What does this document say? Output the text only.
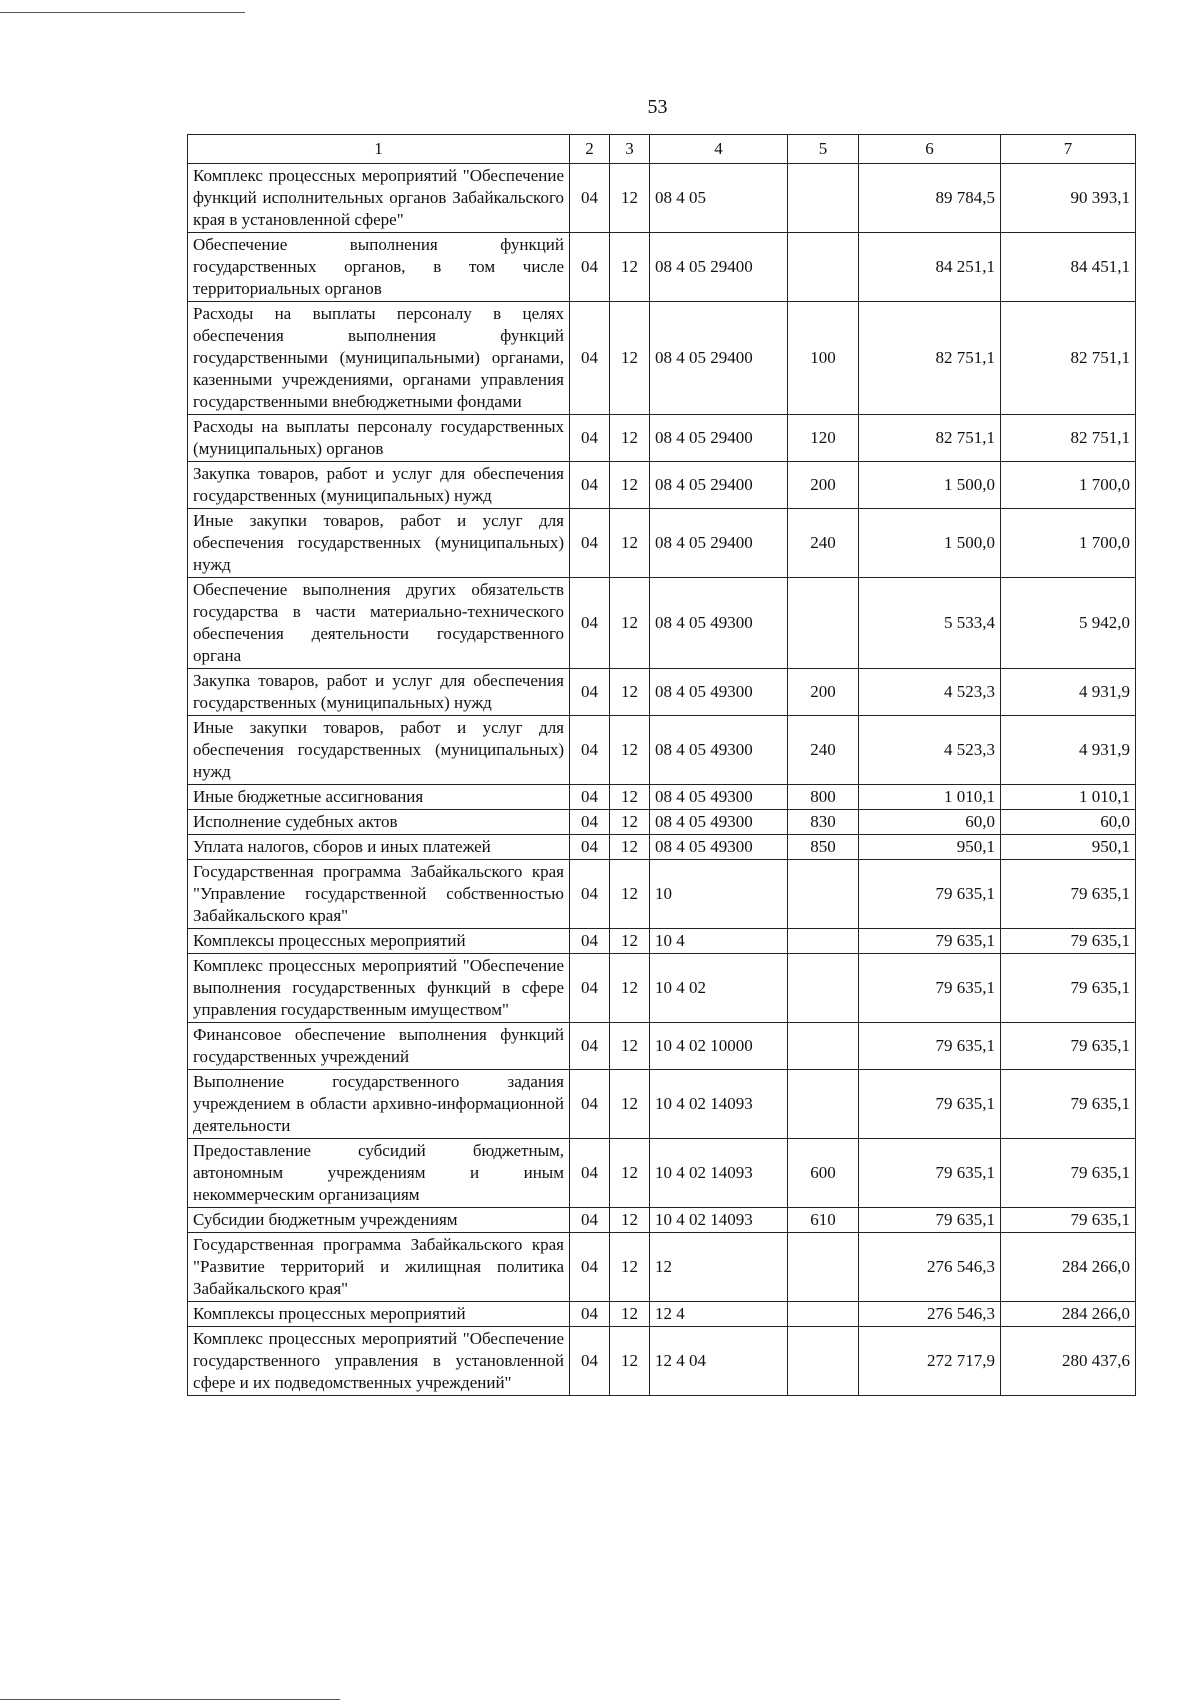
53
1	2	3	4	5	6	7
Комплекс процессных мероприятий "Обеспечение функций исполнительных органов Забайкальского края в установленной сфере"	04	12	08 4 05		89 784,5	90 393,1
Обеспечение выполнения функций государственных органов, в том числе территориальных органов	04	12	08 4 05 29400		84 251,1	84 451,1
Расходы на выплаты персоналу в целях обеспечения выполнения функций государственными (муниципальными) органами, казенными учреждениями, органами управления государственными внебюджетными фондами	04	12	08 4 05 29400	100	82 751,1	82 751,1
Расходы на выплаты персоналу государственных (муниципальных) органов	04	12	08 4 05 29400	120	82 751,1	82 751,1
Закупка товаров, работ и услуг для обеспечения государственных (муниципальных) нужд	04	12	08 4 05 29400	200	1 500,0	1 700,0
Иные закупки товаров, работ и услуг для обеспечения государственных (муниципальных) нужд	04	12	08 4 05 29400	240	1 500,0	1 700,0
Обеспечение выполнения других обязательств государства в части материально-технического обеспечения деятельности государственного органа	04	12	08 4 05 49300		5 533,4	5 942,0
Закупка товаров, работ и услуг для обеспечения государственных (муниципальных) нужд	04	12	08 4 05 49300	200	4 523,3	4 931,9
Иные закупки товаров, работ и услуг для обеспечения государственных (муниципальных) нужд	04	12	08 4 05 49300	240	4 523,3	4 931,9
Иные бюджетные ассигнования	04	12	08 4 05 49300	800	1 010,1	1 010,1
Исполнение судебных актов	04	12	08 4 05 49300	830	60,0	60,0
Уплата налогов, сборов и иных платежей	04	12	08 4 05 49300	850	950,1	950,1
Государственная программа Забайкальского края "Управление государственной собственностью Забайкальского края"	04	12	10		79 635,1	79 635,1
Комплексы процессных мероприятий	04	12	10 4		79 635,1	79 635,1
Комплекс процессных мероприятий "Обеспечение выполнения государственных функций в сфере управления государственным имуществом"	04	12	10 4 02		79 635,1	79 635,1
Финансовое обеспечение выполнения функций государственных учреждений	04	12	10 4 02 10000		79 635,1	79 635,1
Выполнение государственного задания учреждением в области архивно-информационной деятельности	04	12	10 4 02 14093		79 635,1	79 635,1
Предоставление субсидий бюджетным, автономным учреждениям и иным некоммерческим организациям	04	12	10 4 02 14093	600	79 635,1	79 635,1
Субсидии бюджетным учреждениям	04	12	10 4 02 14093	610	79 635,1	79 635,1
Государственная программа Забайкальского края "Развитие территорий и жилищная политика Забайкальского края"	04	12	12		276 546,3	284 266,0
Комплексы процессных мероприятий	04	12	12 4		276 546,3	284 266,0
Комплекс процессных мероприятий "Обеспечение государственного управления в установленной сфере и их подведомственных учреждений"	04	12	12 4 04		272 717,9	280 437,6
